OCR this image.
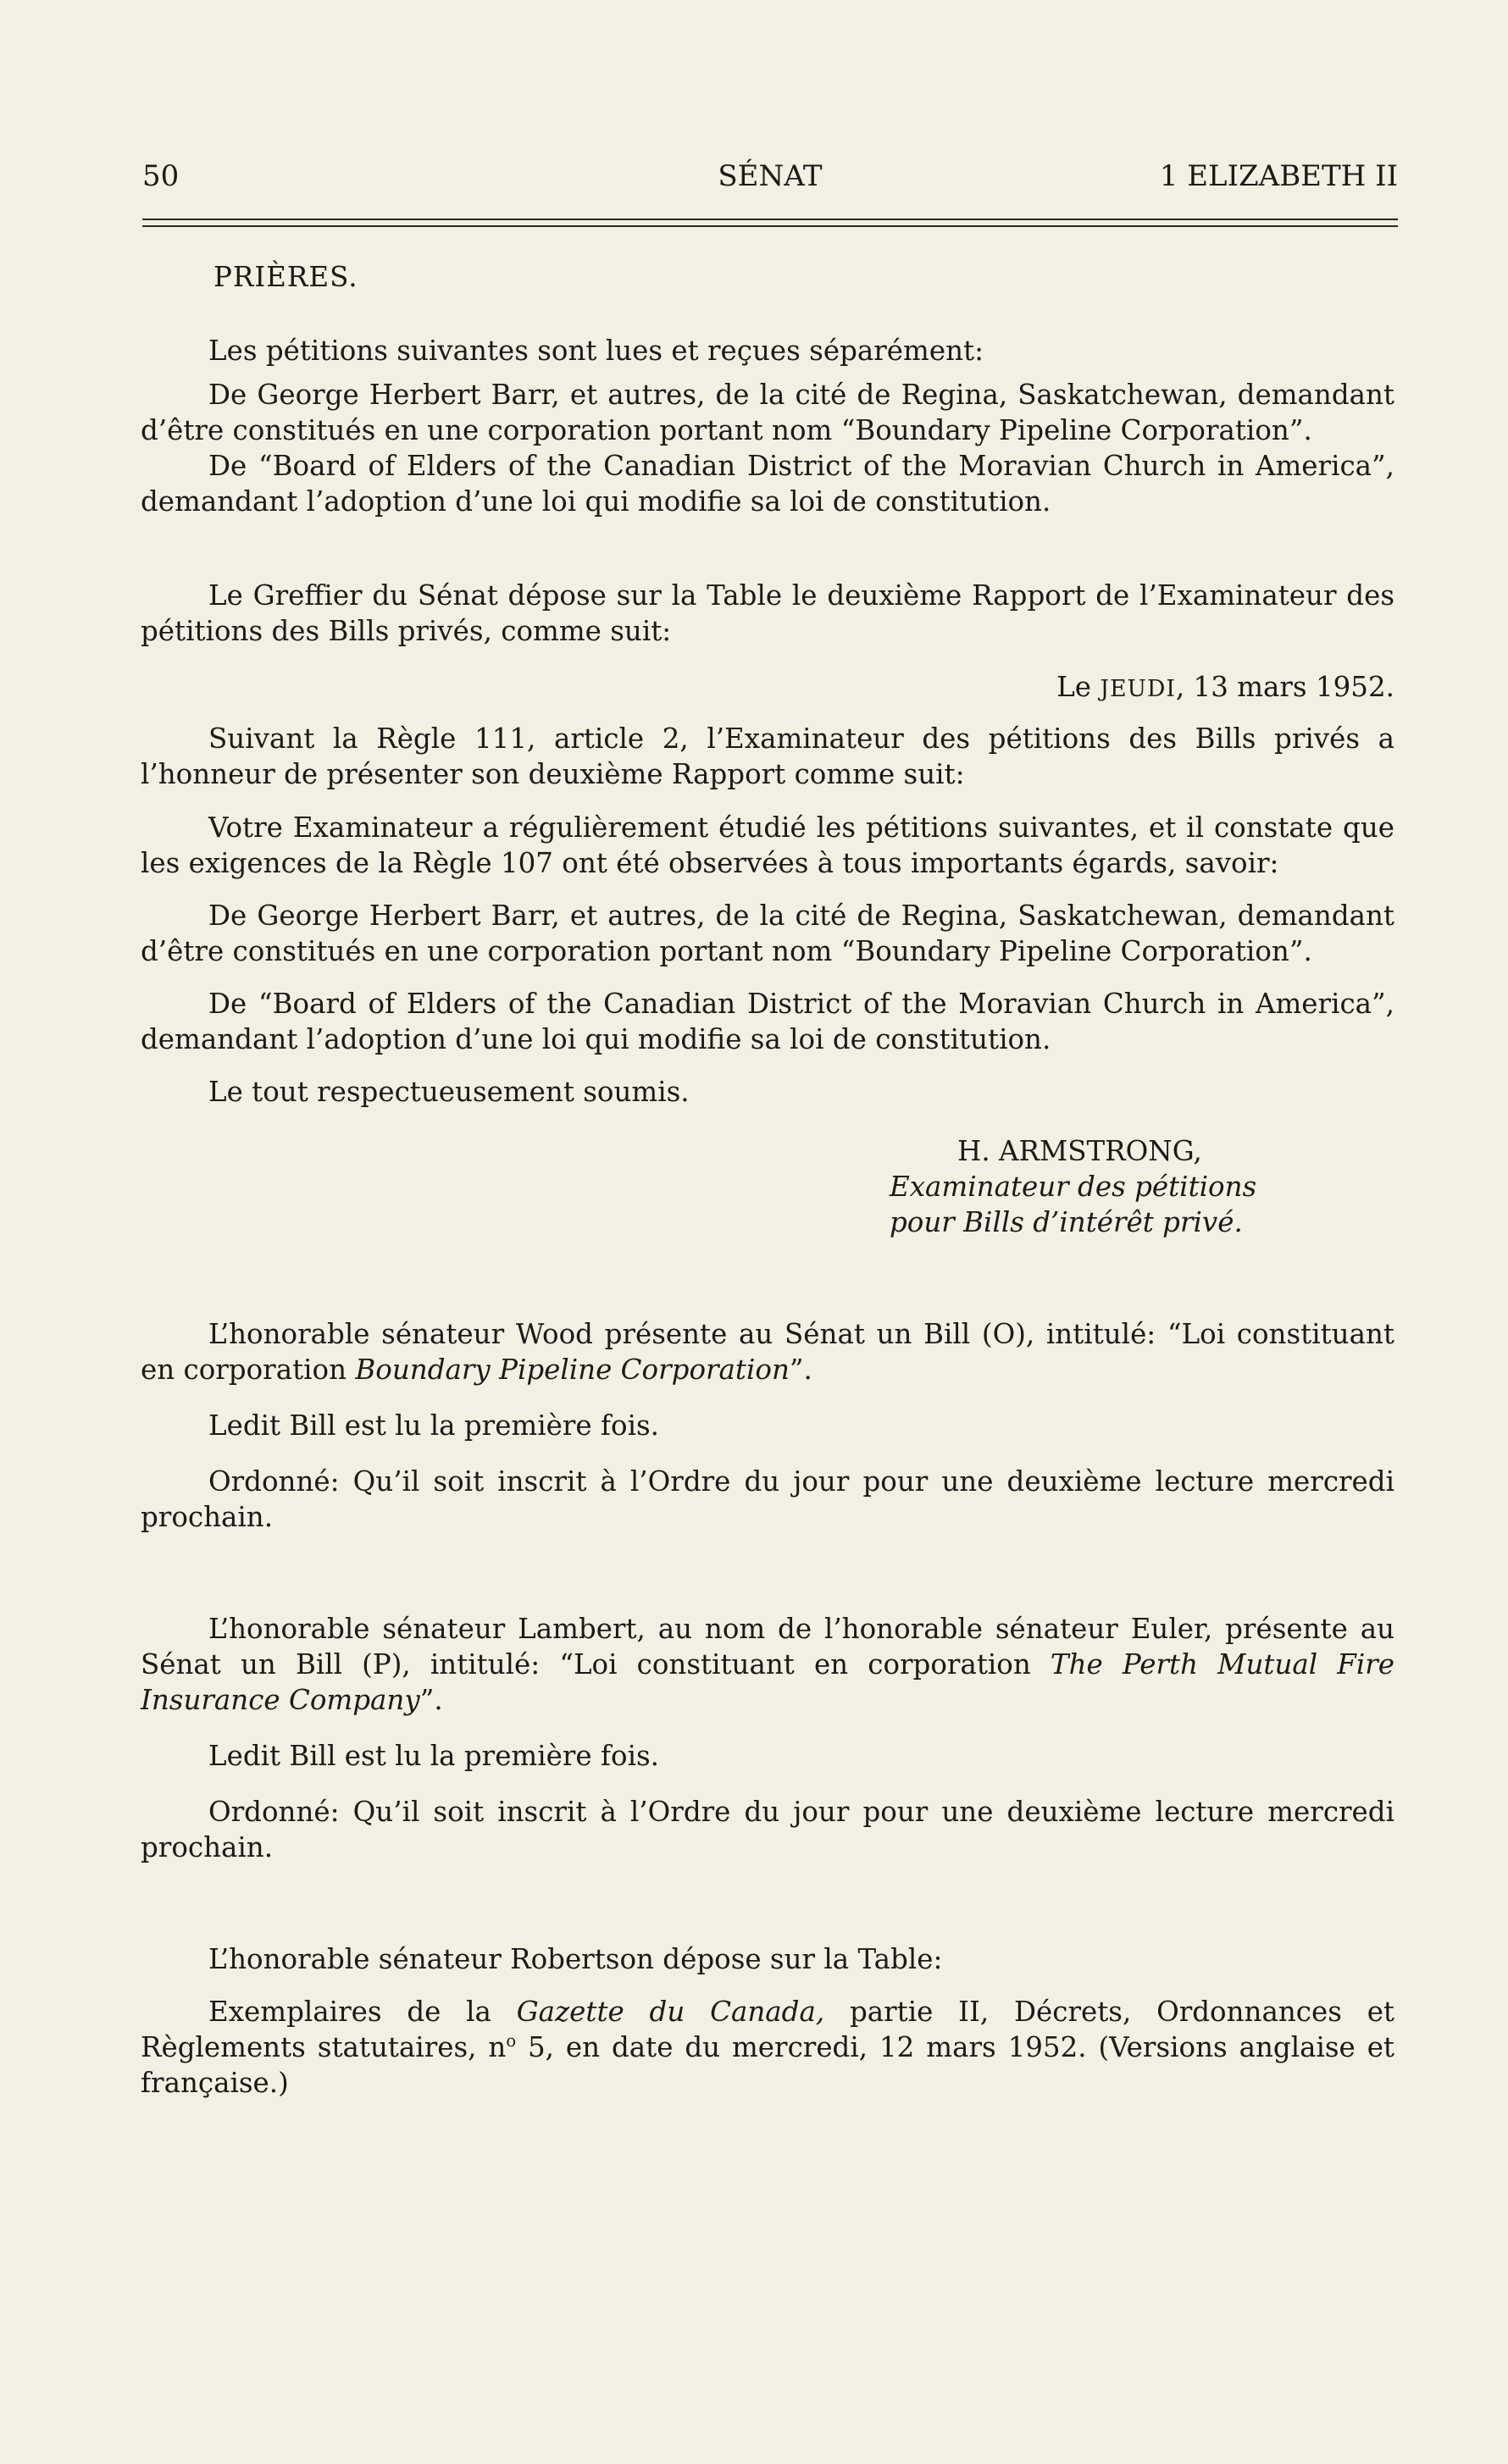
50	SÉNAT	1 ELIZABETH II

PRIÈRES.

Les pétitions suivantes sont lues et reçues séparément:

De George Herbert Barr, et autres, de la cité de Regina, Saskatchewan, demandant d’être constitués en une corporation portant nom “Boundary Pipeline Corporation”.

De “Board of Elders of the Canadian District of the Moravian Church in America”, demandant l’adoption d’une loi qui modifie sa loi de constitution.

Le Greffier du Sénat dépose sur la Table le deuxième Rapport de l’Examinateur des pétitions des Bills privés, comme suit:

Le JEUDI, 13 mars 1952.

Suivant la Règle 111, article 2, l’Examinateur des pétitions des Bills privés a l’honneur de présenter son deuxième Rapport comme suit:

Votre Examinateur a régulièrement étudié les pétitions suivantes, et il constate que les exigences de la Règle 107 ont été observées à tous importants égards, savoir:

De George Herbert Barr, et autres, de la cité de Regina, Saskatchewan, demandant d’être constitués en une corporation portant nom “Boundary Pipeline Corporation”.

De “Board of Elders of the Canadian District of the Moravian Church in America”, demandant l’adoption d’une loi qui modifie sa loi de constitution.

Le tout respectueusement soumis.

H. ARMSTRONG,

Examinateur des pétitions

pour Bills d’intérêt privé.

L’honorable sénateur Wood présente au Sénat un Bill (O), intitulé: “Loi constituant en corporation Boundary Pipeline Corporation”.

Ledit Bill est lu la première fois.

Ordonné: Qu’il soit inscrit à l’Ordre du jour pour une deuxième lecture mercredi prochain.

L’honorable sénateur Lambert, au nom de l’honorable sénateur Euler, présente au Sénat un Bill (P), intitulé: “Loi constituant en corporation The Perth Mutual Fire Insurance Company”.

Ledit Bill est lu la première fois.

Ordonné: Qu’il soit inscrit à l’Ordre du jour pour une deuxième lecture mercredi prochain.

L’honorable sénateur Robertson dépose sur la Table:

Exemplaires de la Gazette du Canada, partie II, Décrets, Ordonnances et Règlements statutaires, $n^o$ 5, en date du mercredi, 12 mars 1952. (Versions anglaise et française.)
